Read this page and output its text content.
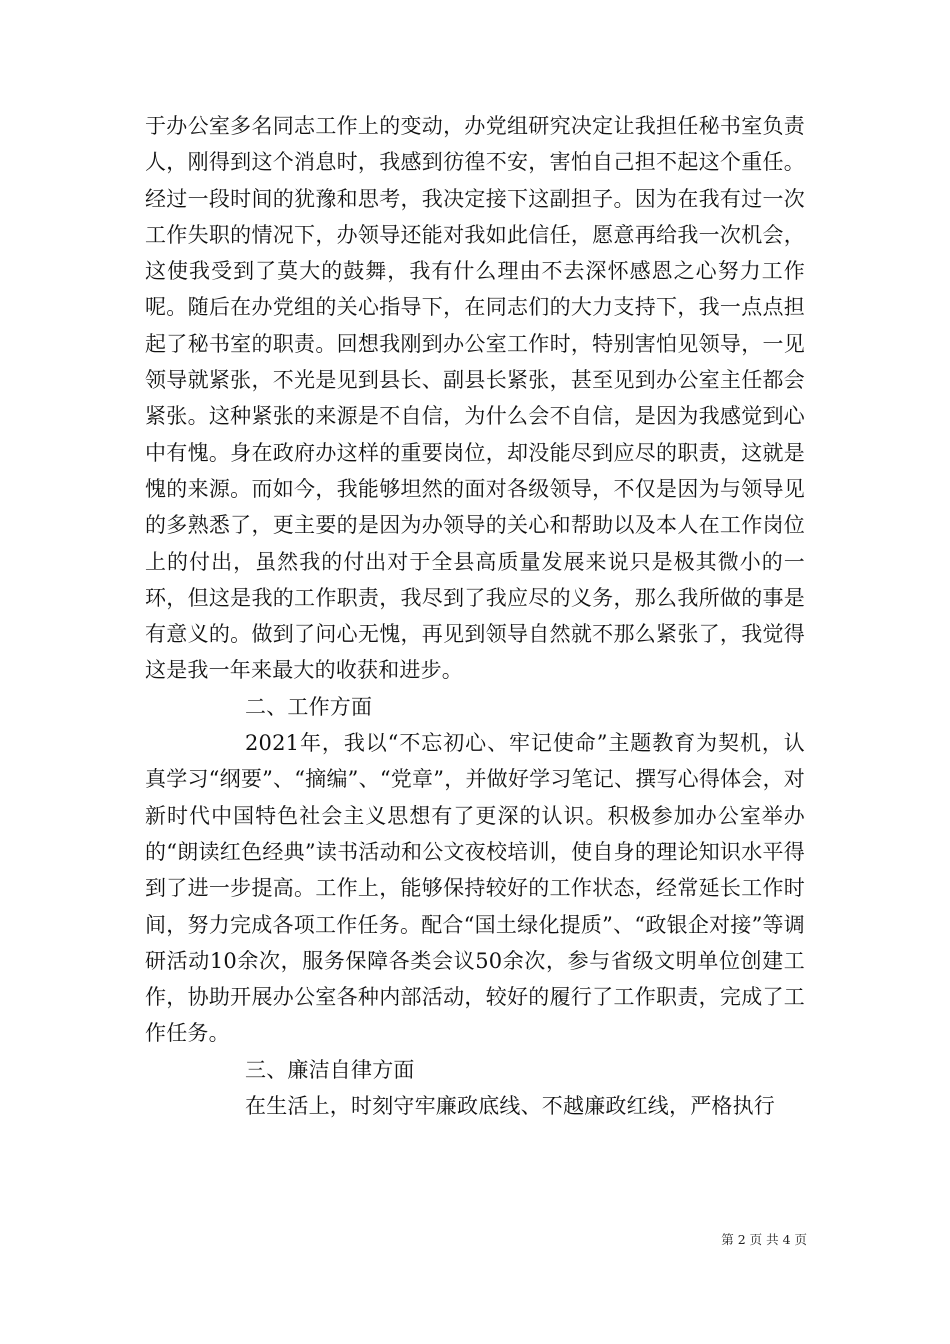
于办公室多名同志工作上的变动，办党组研究决定让我担任秘书室负责人，刚得到这个消息时，我感到彷徨不安，害怕自己担不起这个重任。经过一段时间的犹豫和思考，我决定接下这副担子。因为在我有过一次工作失职的情况下，办领导还能对我如此信任，愿意再给我一次机会，这使我受到了莫大的鼓舞，我有什么理由不去深怀感恩之心努力工作呢。随后在办党组的关心指导下，在同志们的大力支持下，我一点点担起了秘书室的职责。回想我刚到办公室工作时，特别害怕见领导，一见领导就紧张，不光是见到县长、副县长紧张，甚至见到办公室主任都会紧张。这种紧张的来源是不自信，为什么会不自信，是因为我感觉到心中有愧。身在政府办这样的重要岗位，却没能尽到应尽的职责，这就是愧的来源。而如今，我能够坦然的面对各级领导，不仅是因为与领导见的多熟悉了，更主要的是因为办领导的关心和帮助以及本人在工作岗位上的付出，虽然我的付出对于全县高质量发展来说只是极其微小的一环，但这是我的工作职责，我尽到了我应尽的义务，那么我所做的事是有意义的。做到了问心无愧，再见到领导自然就不那么紧张了，我觉得这是我一年来最大的收获和进步。

二、工作方面

2021年，我以“不忘初心、牢记使命”主题教育为契机，认真学习“纲要”、“摘编”、“党章”，并做好学习笔记、撰写心得体会，对新时代中国特色社会主义思想有了更深的认识。积极参加办公室举办的“朗读红色经典”读书活动和公文夜校培训，使自身的理论知识水平得到了进一步提高。工作上，能够保持较好的工作状态，经常延长工作时间，努力完成各项工作任务。配合“国土绿化提质”、“政银企对接”等调研活动10余次，服务保障各类会议50余次，参与省级文明单位创建工作，协助开展办公室各种内部活动，较好的履行了工作职责，完成了工作任务。

三、廉洁自律方面

在生活上，时刻守牢廉政底线、不越廉政红线，严格执行

第 2 页 共 4 页
